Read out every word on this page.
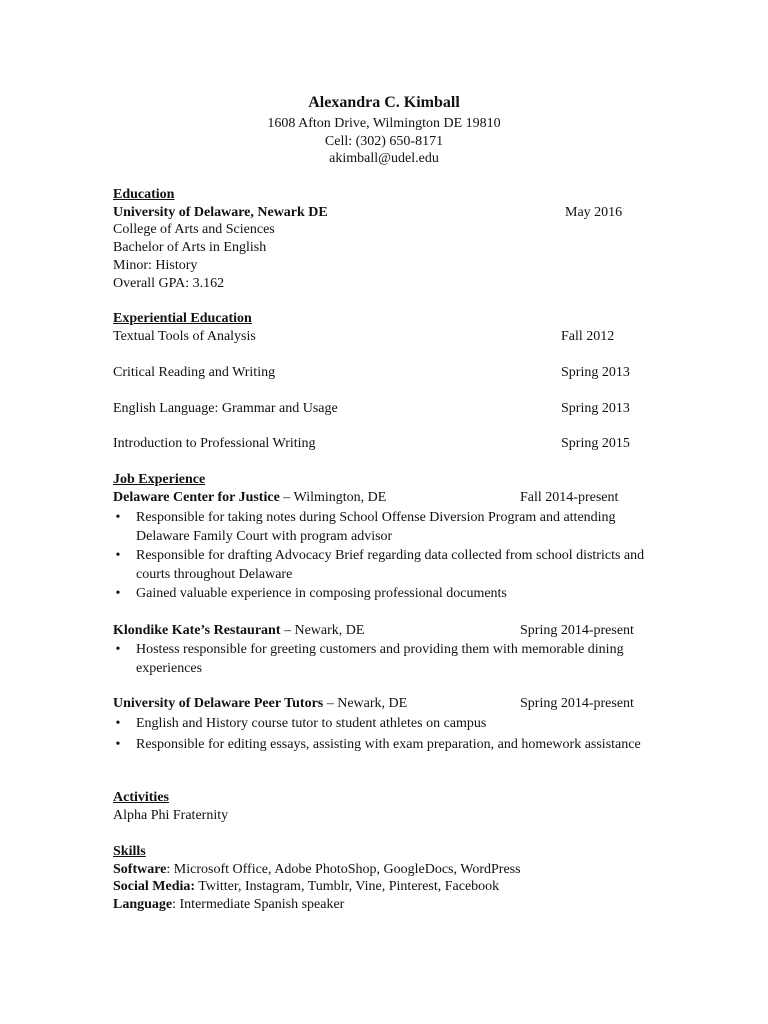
Alexandra C. Kimball
1608 Afton Drive, Wilmington DE 19810
Cell: (302) 650-8171
akimball@udel.edu
Education
University of Delaware, Newark DE	May 2016
College of Arts and Sciences
Bachelor of Arts in English
Minor: History
Overall GPA: 3.162
Experiential Education
Textual Tools of Analysis	Fall 2012
Critical Reading and Writing	Spring 2013
English Language: Grammar and Usage	Spring 2013
Introduction to Professional Writing	Spring 2015
Job Experience
Delaware Center for Justice – Wilmington, DE	Fall 2014-present
•	Responsible for taking notes during School Offense Diversion Program and attending Delaware Family Court with program advisor
•	Responsible for drafting Advocacy Brief regarding data collected from school districts and courts throughout Delaware
•	Gained valuable experience in composing professional documents
Klondike Kate’s Restaurant – Newark, DE	Spring 2014-present
•	Hostess responsible for greeting customers and providing them with memorable dining experiences
University of Delaware Peer Tutors – Newark, DE	Spring 2014-present
•	English and History course tutor to student athletes on campus
•	Responsible for editing essays, assisting with exam preparation, and homework assistance
Activities
Alpha Phi Fraternity
Skills
Software: Microsoft Office, Adobe PhotoShop, GoogleDocs, WordPress
Social Media: Twitter, Instagram, Tumblr, Vine, Pinterest, Facebook
Language: Intermediate Spanish speaker
